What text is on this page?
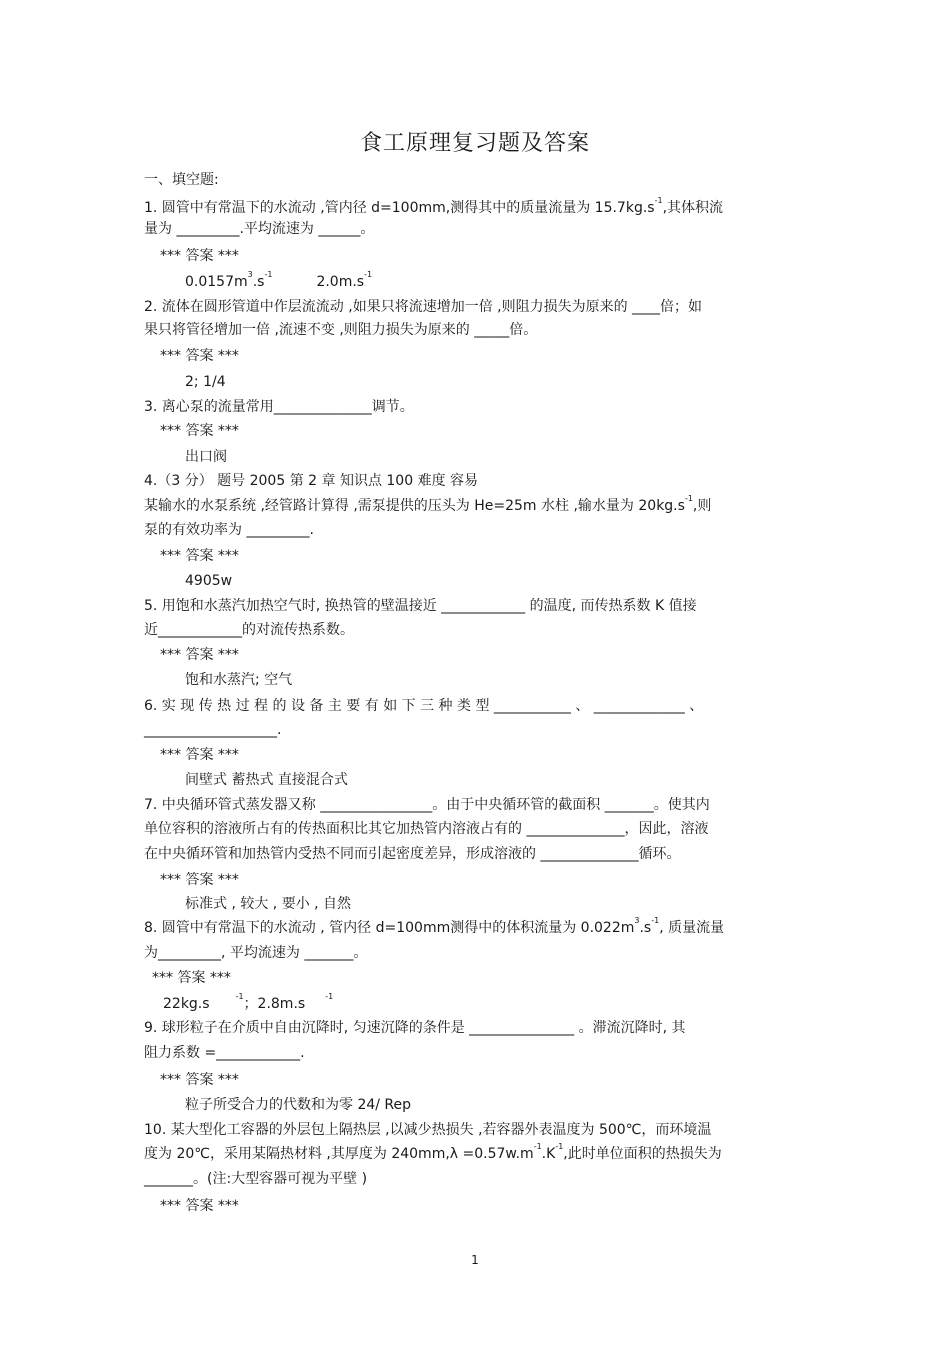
食工原理复习题及答案
一、填空题:
1. 圆管中有常温下的水流动 ,管内径 d=100mm,测得其中的质量流量为 $15.7kg.s^{-1}$,其体积流
量为 _________.平均流速为 ______。
*** 答案 ***
$0.0157m^3.s^{-1}$	$2.0m.s^{-1}$
2. 流体在圆形管道中作层流流动 ,如果只将流速增加一倍 ,则阻力损失为原来的 ____倍；如
果只将管径增加一倍 ,流速不变 ,则阻力损失为原来的 _____倍。
*** 答案 ***
2; 1/4
3. 离心泵的流量常用______________调节。
*** 答案 ***
出口阀
4.（3 分） 题号 2005 第 2 章 知识点 100 难度 容易
某输水的水泵系统 ,经管路计算得 ,需泵提供的压头为 He=25m 水柱 ,输水量为 $20kg.s^{-1}$,则
泵的有效功率为 _________.
*** 答案 ***
4905w
5. 用饱和水蒸汽加热空气时, 换热管的壁温接近 ____________ 的温度, 而传热系数 K 值接
近____________的对流传热系数。
*** 答案 ***
饱和水蒸汽; 空气
6. 实 现 传 热 过 程 的 设 备 主 要 有 如 下 三 种 类 型 ___________ 、 _____________ 、
___________________.
*** 答案 ***
间壁式 蓄热式 直接混合式
7. 中央循环管式蒸发器又称 ________________。由于中央循环管的截面积 _______。使其内
单位容积的溶液所占有的传热面积比其它加热管内溶液占有的 ______________，因此，溶液
在中央循环管和加热管内受热不同而引起密度差异，形成溶液的 ______________循环。
*** 答案 ***
标准式 , 较大 , 要小 , 自然
8. 圆管中有常温下的水流动 , 管内径 d=100mm测得中的体积流量为 $0.022m^3.s^{-1}$, 质量流量
为_________, 平均流速为 _______。
*** 答案 ***
22kg.s	$^{-1}$；2.8m.s	$^{-1}$
9. 球形粒子在介质中自由沉降时, 匀速沉降的条件是 _______________ 。滞流沉降时, 其
阻力系数 =____________.
*** 答案 ***
粒子所受合力的代数和为零 24/ Rep
10. 某大型化工容器的外层包上隔热层 ,以减少热损失 ,若容器外表温度为 500℃，而环境温
度为 20℃，采用某隔热材料 ,其厚度为 $240mm,\lambda =0.57w.m^{-1}.K^{-1}$,此时单位面积的热损失为
_______。(注:大型容器可视为平壁 )
*** 答案 ***
1
